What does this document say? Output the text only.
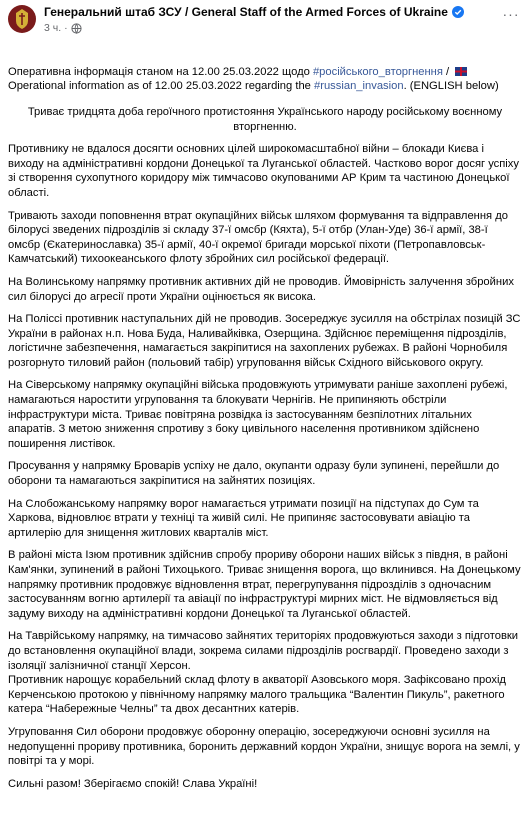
Генеральний штаб ЗСУ / General Staff of the Armed Forces of Ukraine
3 ч. ·
···

Оперативна інформація станом на 12.00 25.03.2022 щодо #російського_вторгнення /
Operational information as of 12.00 25.03.2022 regarding the #russian_invasion. (ENGLISH below)

Триває тридцята доба героїчного протистояння Українського народу російському воєнному вторгненню.

Противнику не вдалося досягти основних цілей широкомасштабної війни – блокади Києва і виходу на адміністративні кордони Донецької та Луганської областей. Частково ворог досяг успіху зі створення сухопутного коридору між тимчасово окупованими АР Крим та частиною Донецької області.

Тривають заходи поповнення втрат окупаційних військ шляхом формування та відправлення до білорусі зведених підрозділів зі складу 37-ї омсбр (Кяхта), 5-ї отбр (Улан-Уде) 36-ї армії, 38-ї омсбр (Єкатеринославка) 35-ї армії, 40-ї окремої бригади морської піхоти (Петропавловськ-Камчатський) тихоокеанського флоту збройних сил російської федерації.

На Волинському напрямку противник активних дій не проводив. Ймовірність залучення збройних сил білорусі до агресії проти України оцінюється як висока.

На Поліссі противник наступальних дій не проводив. Зосереджує зусилля на обстрілах позицій ЗС України в районах н.п. Нова Буда, Наливайківка, Озерщина. Здійснює переміщення підрозділів, логістичне забезпечення, намагається закріпитися на захоплених рубежах. В районі Чорнобиля розгорнуто тиловий район (польовий табір) угруповання військ Східного військового округу.

На Сіверському напрямку окупаційні війська продовжують утримувати раніше захоплені рубежі, намагаються наростити угруповання та блокувати Чернігів. Не припиняють обстріли інфраструктури міста. Триває повітряна розвідка із застосуванням безпілотних літальних апаратів. З метою зниження спротиву з боку цивільного населення противником здійснено поширення листівок.

Просування у напрямку Броварів успіху не дало, окупанти одразу були зупинені, перейшли до оборони та намагаються закріпитися на зайнятих позиціях.

На Слобожанському напрямку ворог намагається утримати позиції на підступах до Сум та Харкова, відновлює втрати у техніці та живій силі. Не припиняє застосовувати авіацію та артилерію для знищення житлових кварталів міст.

В районі міста Ізюм противник здійснив спробу прориву оборони наших військ з півдня, в районі Кам'янки, зупинений в районі Тихоцького. Триває знищення ворога, що вклинився. На Донецькому напрямку противник продовжує відновлення втрат, перегрупування підрозділів з одночасним застосуванням вогню артилерії та авіації по інфраструктурі мирних міст. Не відмовляється від задуму виходу на адміністративні кордони Донецької та Луганської областей.

На Таврійському напрямку, на тимчасово зайнятих територіях продовжуються заходи з підготовки до встановлення окупаційної влади, зокрема силами підрозділів росгвардії. Проведено заходи з ізоляції залізничної станції Херсон.
Противник нарощує корабельний склад флоту в акваторії Азовського моря. Зафіксовано прохід Керченською протокою у північному напрямку малого тральщика “Валентин Пикуль”, ракетного катера “Набережные Челны” та двох десантних катерів.

Угруповання Сил оборони продовжує оборонну операцію, зосереджуючи основні зусилля на недопущенні прориву противника, боронить державний кордон України, знищує ворога на землі, у повітрі та у морі.

Сильні разом! Зберігаємо спокій! Слава Україні!
